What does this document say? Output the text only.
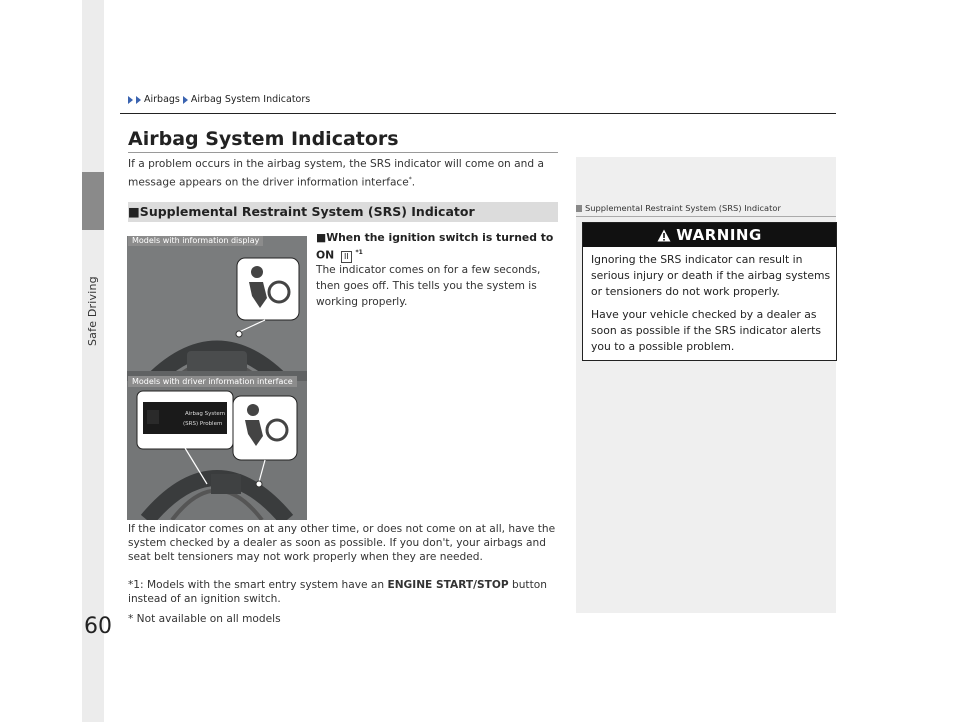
Safe Driving
60
Airbags Airbag System Indicators
Airbag System Indicators
If a problem occurs in the airbag system, the SRS indicator will come on and a message appears on the driver information interface*.
■Supplemental Restraint System (SRS) Indicator
Airbag System
(SRS) Problem
Models with information display
Models with driver information interface
■When the ignition switch is turned to ON II $^{*1}$
The indicator comes on for a few seconds, then goes off. This tells you the system is working properly.
If the indicator comes on at any other time, or does not come on at all, have the system checked by a dealer as soon as possible. If you don't, your airbags and seat belt tensioners may not work properly when they are needed.
*1: Models with the smart entry system have an ENGINE START/STOP button instead of an ignition switch.
* Not available on all models
Supplemental Restraint System (SRS) Indicator
WARNING
Ignoring the SRS indicator can result in serious injury or death if the airbag systems or tensioners do not work properly.
Have your vehicle checked by a dealer as soon as possible if the SRS indicator alerts you to a possible problem.
